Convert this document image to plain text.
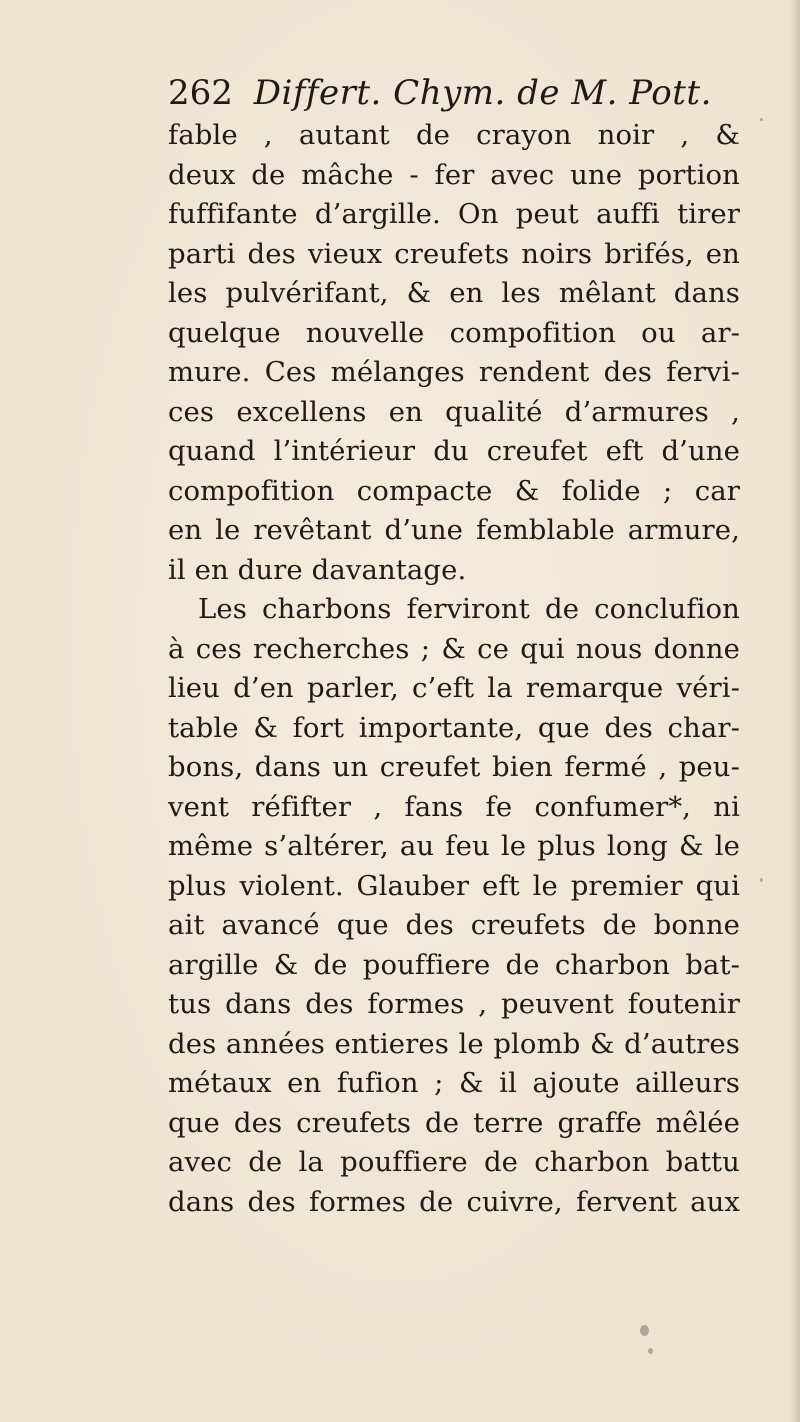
262 Differt. Chym. de M. Pott.
fable , autant de crayon noir , &
deux de mâche - fer avec une portion
fuffifante d’argille. On peut auffi tirer
parti des vieux creufets noirs brifés, en
les pulvérifant, & en les mêlant dans
quelque nouvelle compofition ou ar-
mure. Ces mélanges rendent des fervi-
ces excellens en qualité d’armures ,
quand l’intérieur du creufet eft d’une
compofition compacte & folide ; car
en le revêtant d’une femblable armure,
il en dure davantage.
Les charbons ferviront de conclufion
à ces recherches ; & ce qui nous donne
lieu d’en parler, c’eft la remarque véri-
table & fort importante, que des char-
bons, dans un creufet bien fermé , peu-
vent réfifter , fans fe confumer*, ni
même s’altérer, au feu le plus long & le
plus violent. Glauber eft le premier qui
ait avancé que des creufets de bonne
argille & de pouffiere de charbon bat-
tus dans des formes , peuvent foutenir
des années entieres le plomb & d’autres
métaux en fufion ; & il ajoute ailleurs
que des creufets de terre graffe mêlée
avec de la pouffiere de charbon battu
dans des formes de cuivre, fervent aux
